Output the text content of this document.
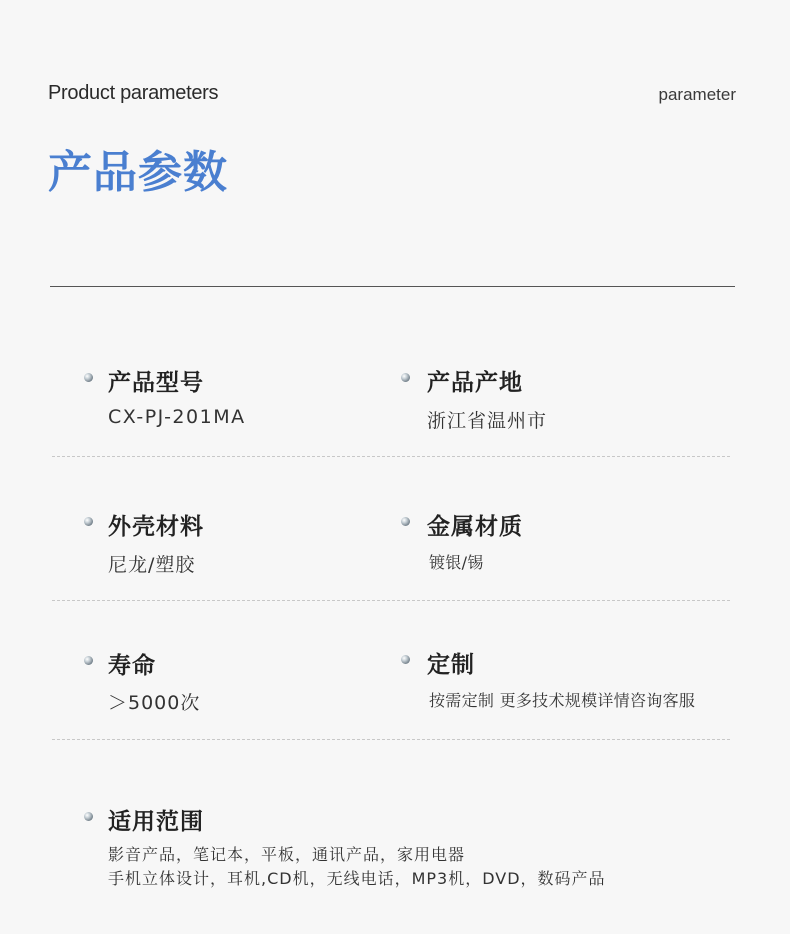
Product parameters	parameter
产品参数
产品型号
CX-PJ-201MA
产品产地
浙江省温州市
外壳材料
尼龙/塑胶
金属材质
镀银/锡
寿命
＞5000次
定制
按需定制 更多技术规模详情咨询客服
适用范围
影音产品，笔记本，平板，通讯产品，家用电器
手机立体设计，耳机,CD机，无线电话，MP3机，DVD，数码产品
